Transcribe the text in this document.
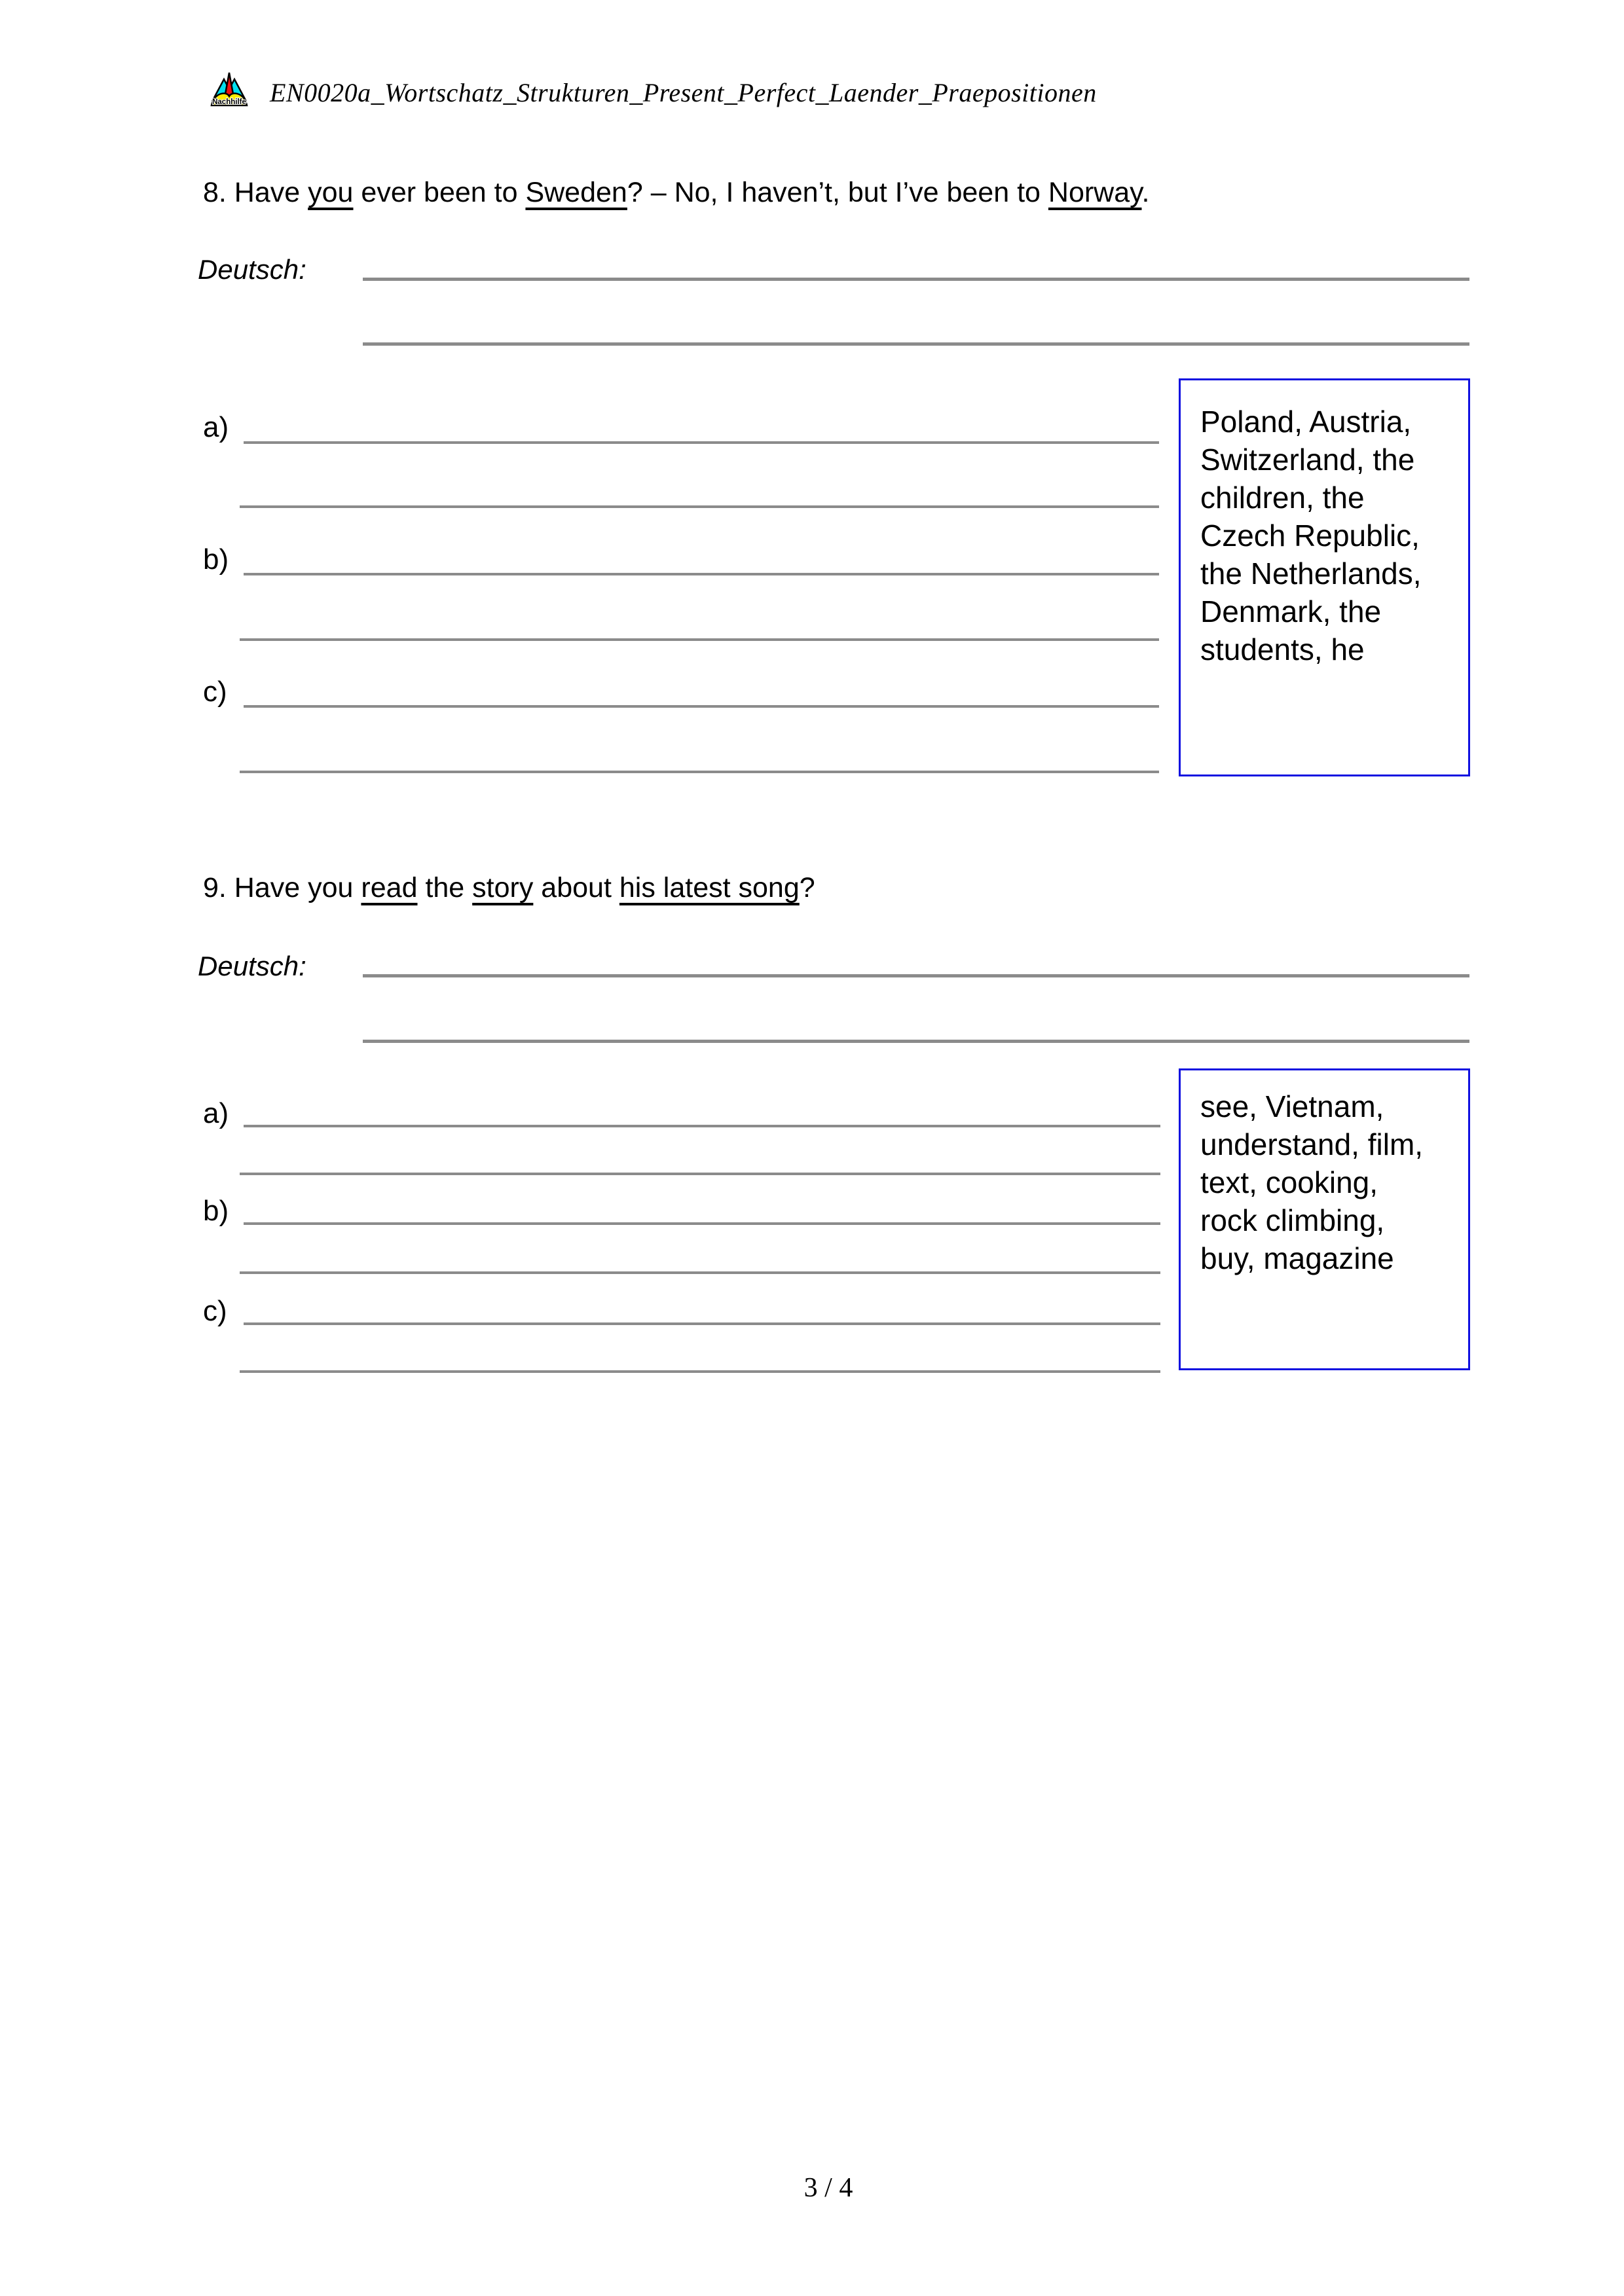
Nachhilfe EN0020a_Wortschatz_Strukturen_Present_Perfect_Laender_Praepositionen
8. Have you ever been to Sweden? – No, I haven’t, but I’ve been to Norway.
Deutsch:
a)
b)
c)
Poland, Austria,
Switzerland, the
children, the
Czech Republic,
the Netherlands,
Denmark, the
students, he
9. Have you read the story about his latest song?
Deutsch:
a)
b)
c)
see, Vietnam,
understand, film,
text, cooking,
rock climbing,
buy, magazine
3 / 4
